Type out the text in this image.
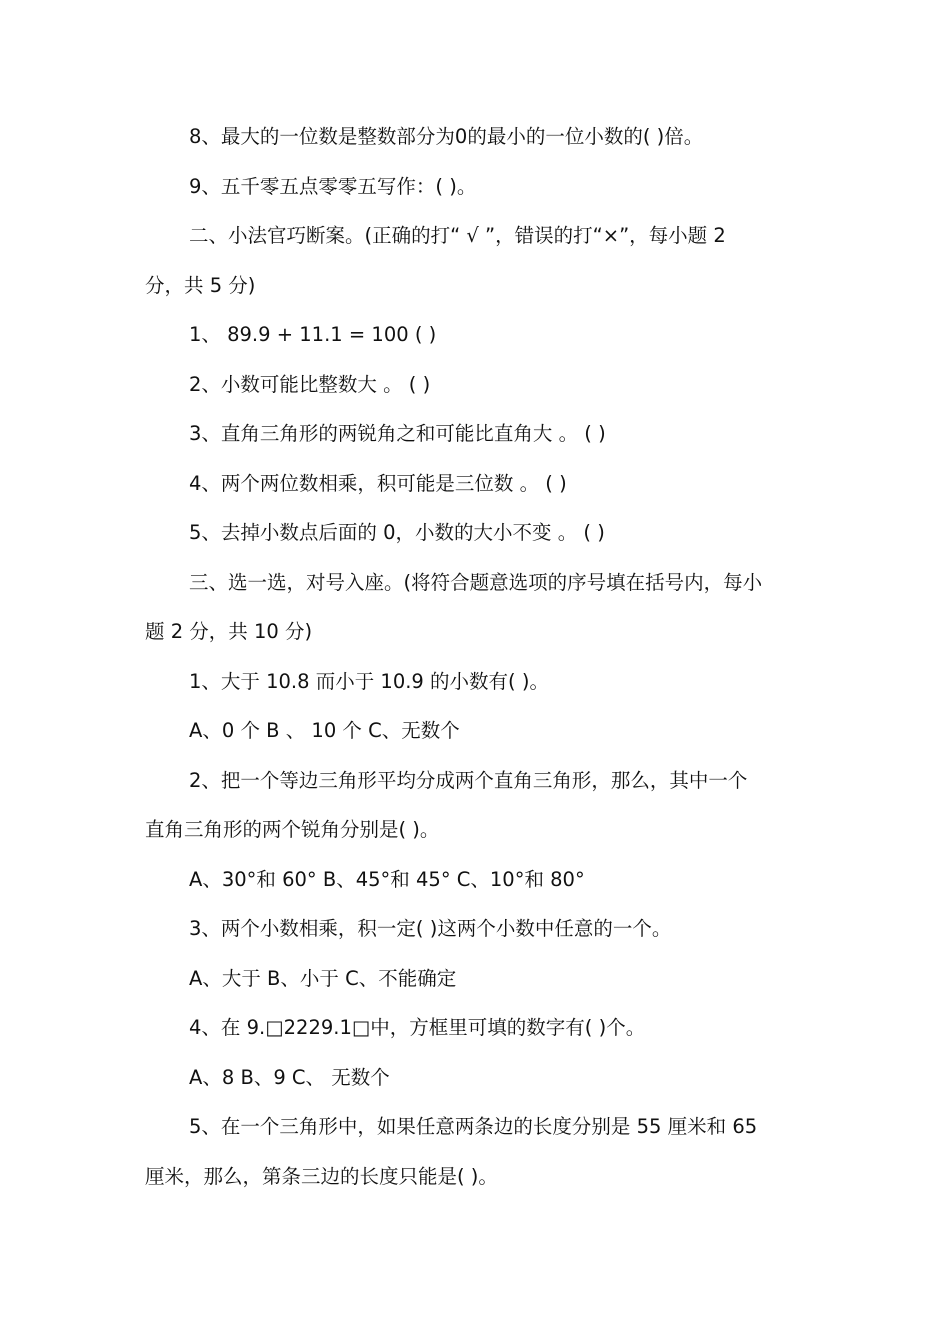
8、最大的一位数是整数部分为0的最小的一位小数的( )倍。
9、五千零五点零零五写作：( )。
二、小法官巧断案。(正确的打“ √ ”，错误的打“×”，每小题 2
分，共 5 分)
1、 89.9 + 11.1 = 100 ( )
2、小数可能比整数大 。 ( )
3、直角三角形的两锐角之和可能比直角大 。 ( )
4、两个两位数相乘，积可能是三位数 。 ( )
5、去掉小数点后面的 0，小数的大小不变 。 ( )
三、选一选，对号入座。(将符合题意选项的序号填在括号内，每小
题 2 分，共 10 分)
1、大于 10.8 而小于 10.9 的小数有( )。
A、0 个 B 、 10 个 C、无数个
2、把一个等边三角形平均分成两个直角三角形，那么，其中一个
直角三角形的两个锐角分别是( )。
A、30°和 60° B、45°和 45° C、10°和 80°
3、两个小数相乘，积一定( )这两个小数中任意的一个。
A、大于 B、小于 C、不能确定
4、在 9.□2229.1□中，方框里可填的数字有( )个。
A、8 B、9 C、 无数个
5、在一个三角形中，如果任意两条边的长度分别是 55 厘米和 65
厘米，那么，第条三边的长度只能是( )。
